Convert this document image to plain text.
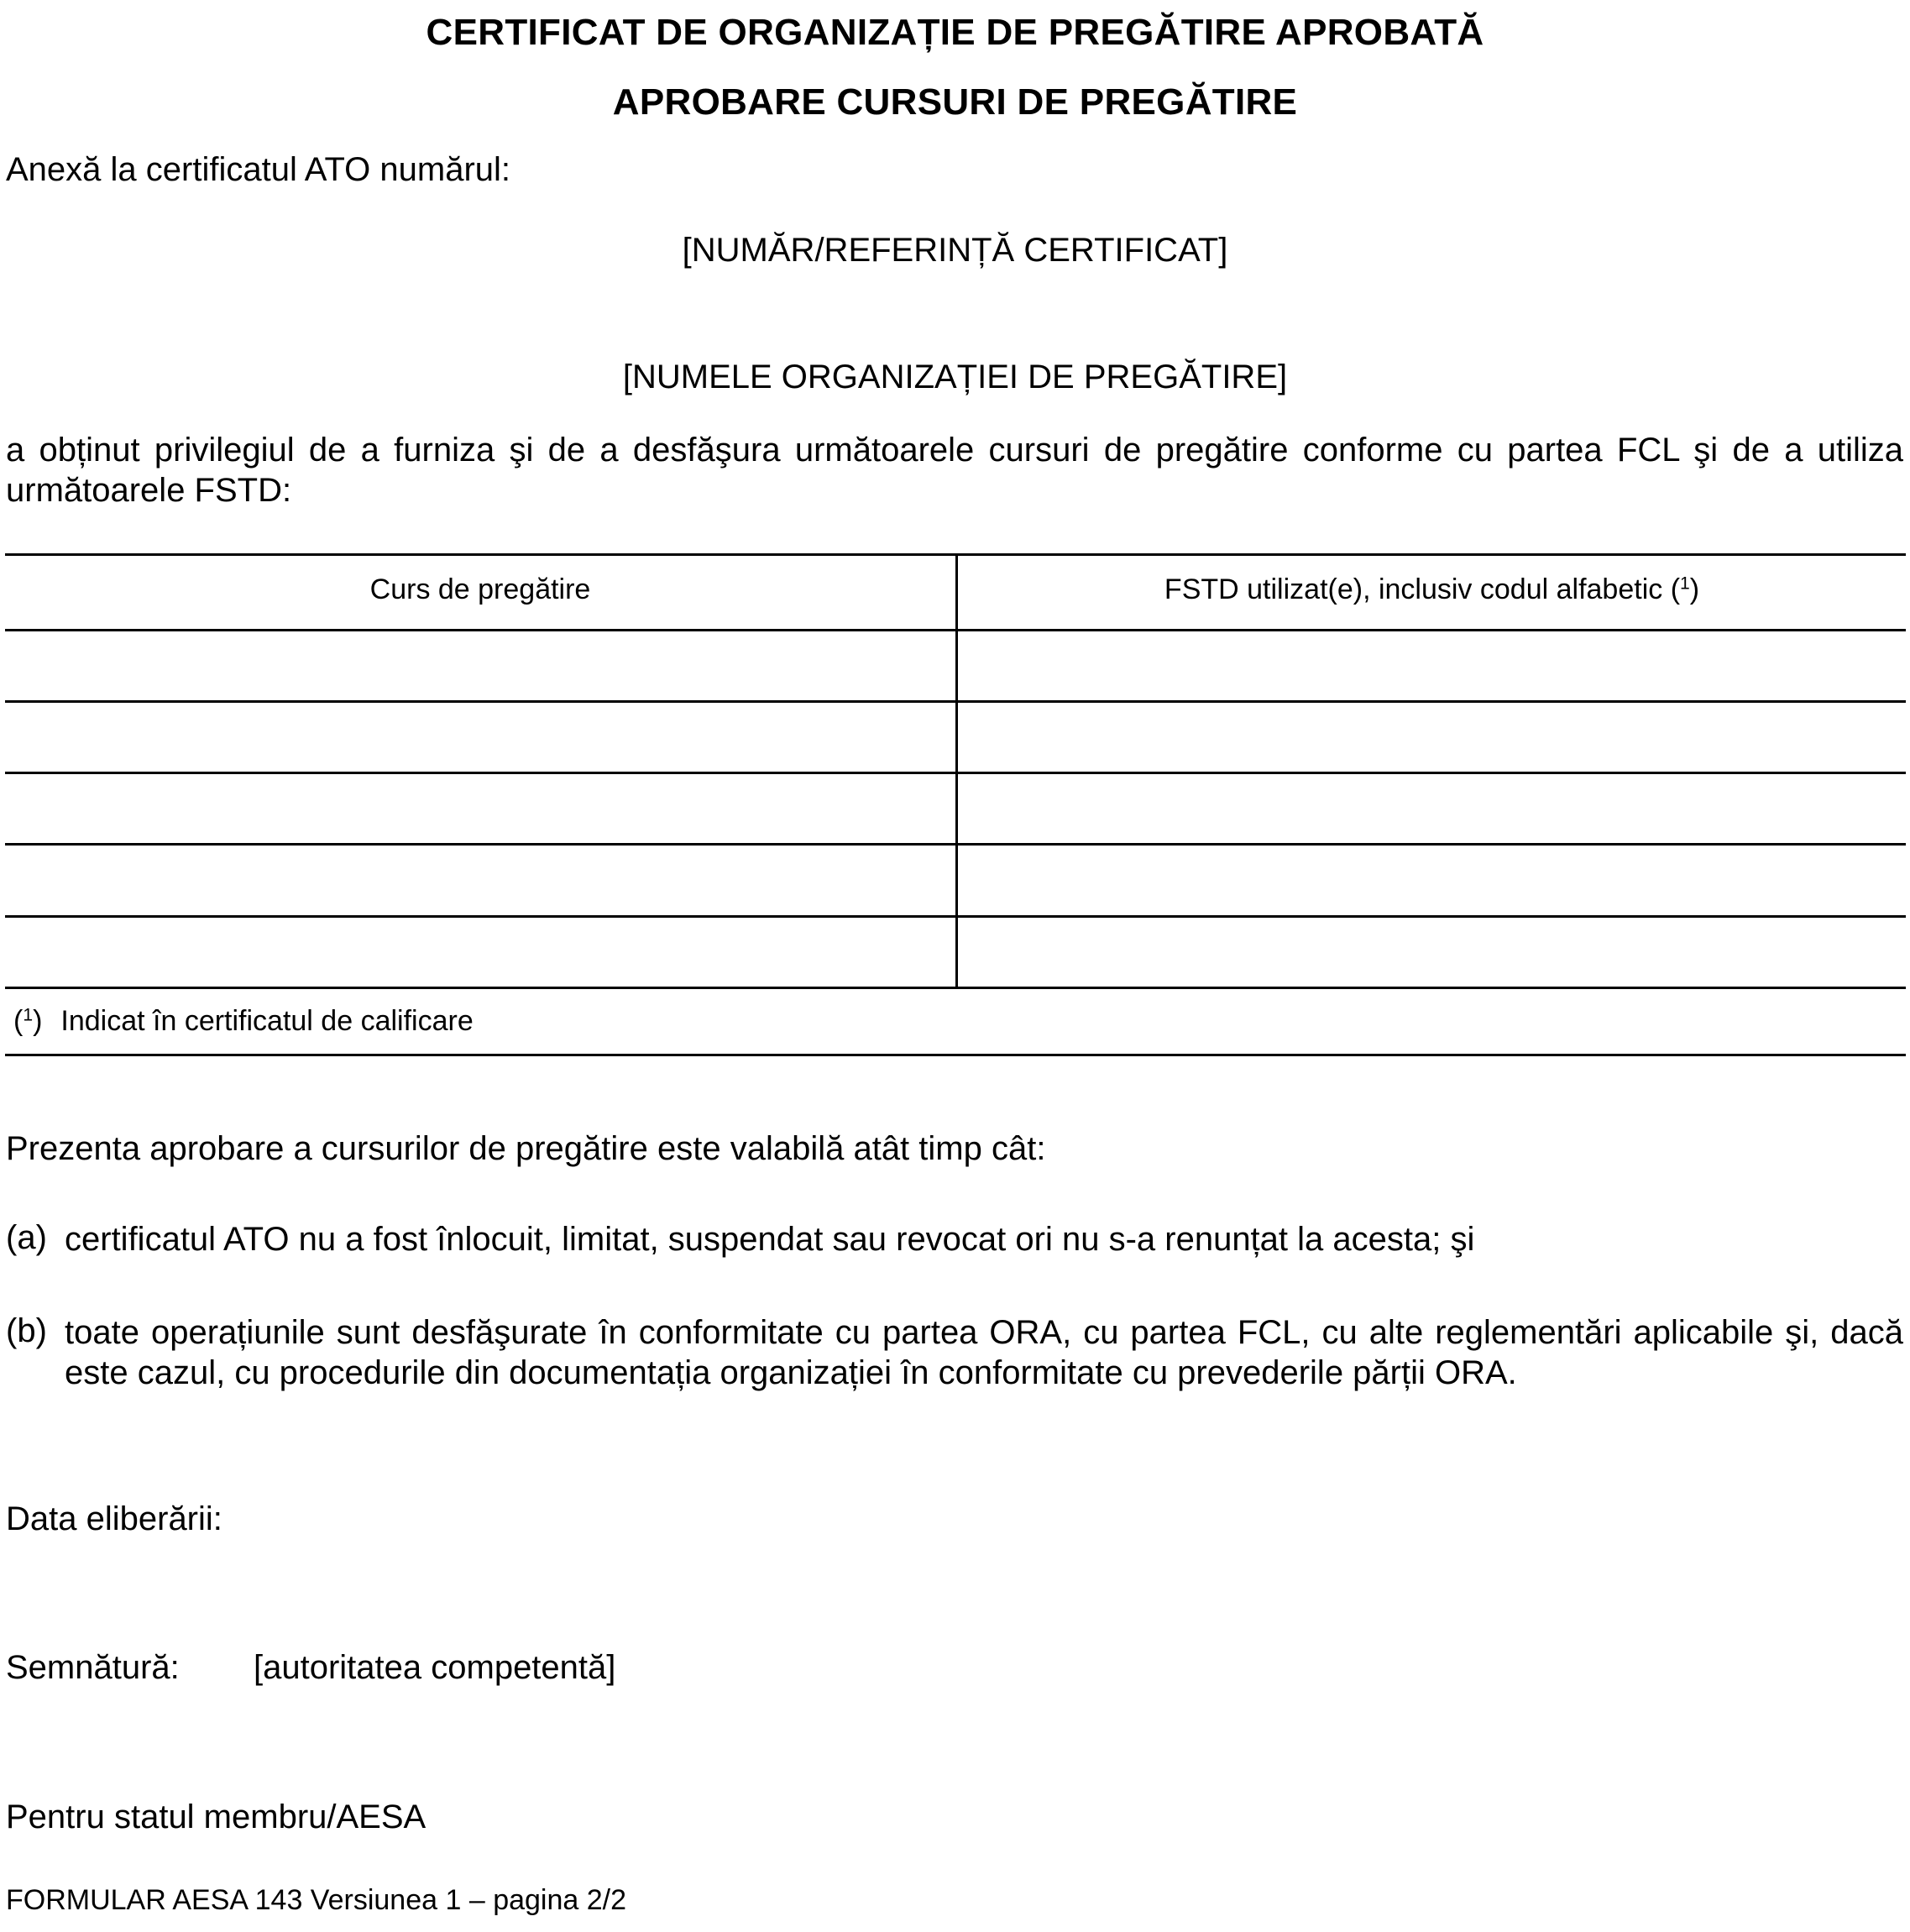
CERTIFICAT DE ORGANIZAȚIE DE PREGĂTIRE APROBATĂ
APROBARE CURSURI DE PREGĂTIRE
Anexă la certificatul ATO numărul:
[NUMĂR/REFERINȚĂ CERTIFICAT]
[NUMELE ORGANIZAȚIEI DE PREGĂTIRE]
a obținut privilegiul de a furniza şi de a desfăşura următoarele cursuri de pregătire conforme cu partea FCL şi de a utiliza următoarele FSTD:
Curs de pregătire	FSTD utilizat(e), inclusiv codul alfabetic ($^1$)
($^1$) Indicat în certificatul de calificare
Prezenta aprobare a cursurilor de pregătire este valabilă atât timp cât:
(a) certificatul ATO nu a fost înlocuit, limitat, suspendat sau revocat ori nu s-a renunțat la acesta; şi
(b) toate operațiunile sunt desfăşurate în conformitate cu partea ORA, cu partea FCL, cu alte reglementări aplicabile şi, dacă este cazul, cu procedurile din documentația organizației în conformitate cu prevederile părții ORA.
Data eliberării:
Semnătură: [autoritatea competentă]
Pentru statul membru/AESA
FORMULAR AESA 143 Versiunea 1 – pagina 2/2
